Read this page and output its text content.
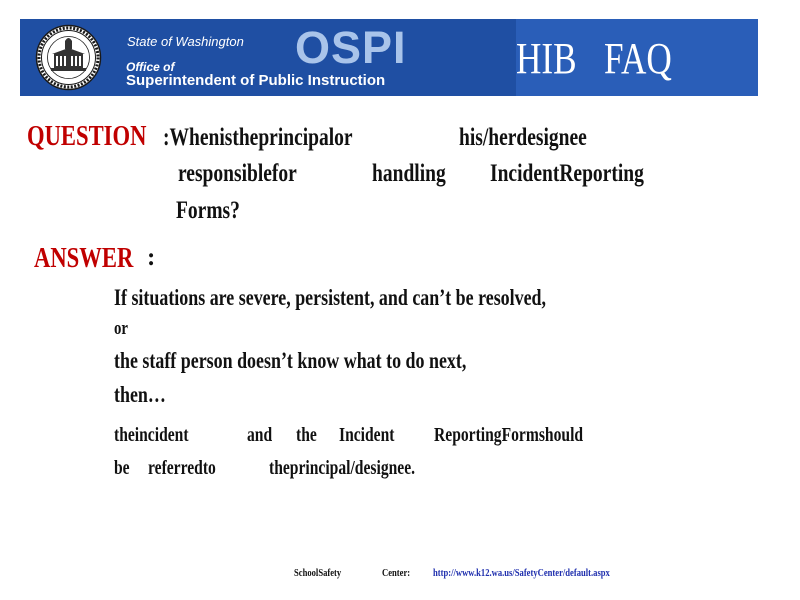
State of Washington OSPI
Office of
Superintendent of Public Instruction	HIB FAQ
QUESTION :Whenistheprincipalor	his/herdesignee
responsiblefor	handling IncidentReporting
Forms?
ANSWER :
If situations are severe, persistent, and can’t be resolved,
or
the staff person doesn’t know what to do next,
then…
theincident	and the Incident ReportingFormshould
be referredto	theprincipal/designee.
SchoolSafety	Center: http://www.k12.wa.us/SafetyCenter/default.aspx
